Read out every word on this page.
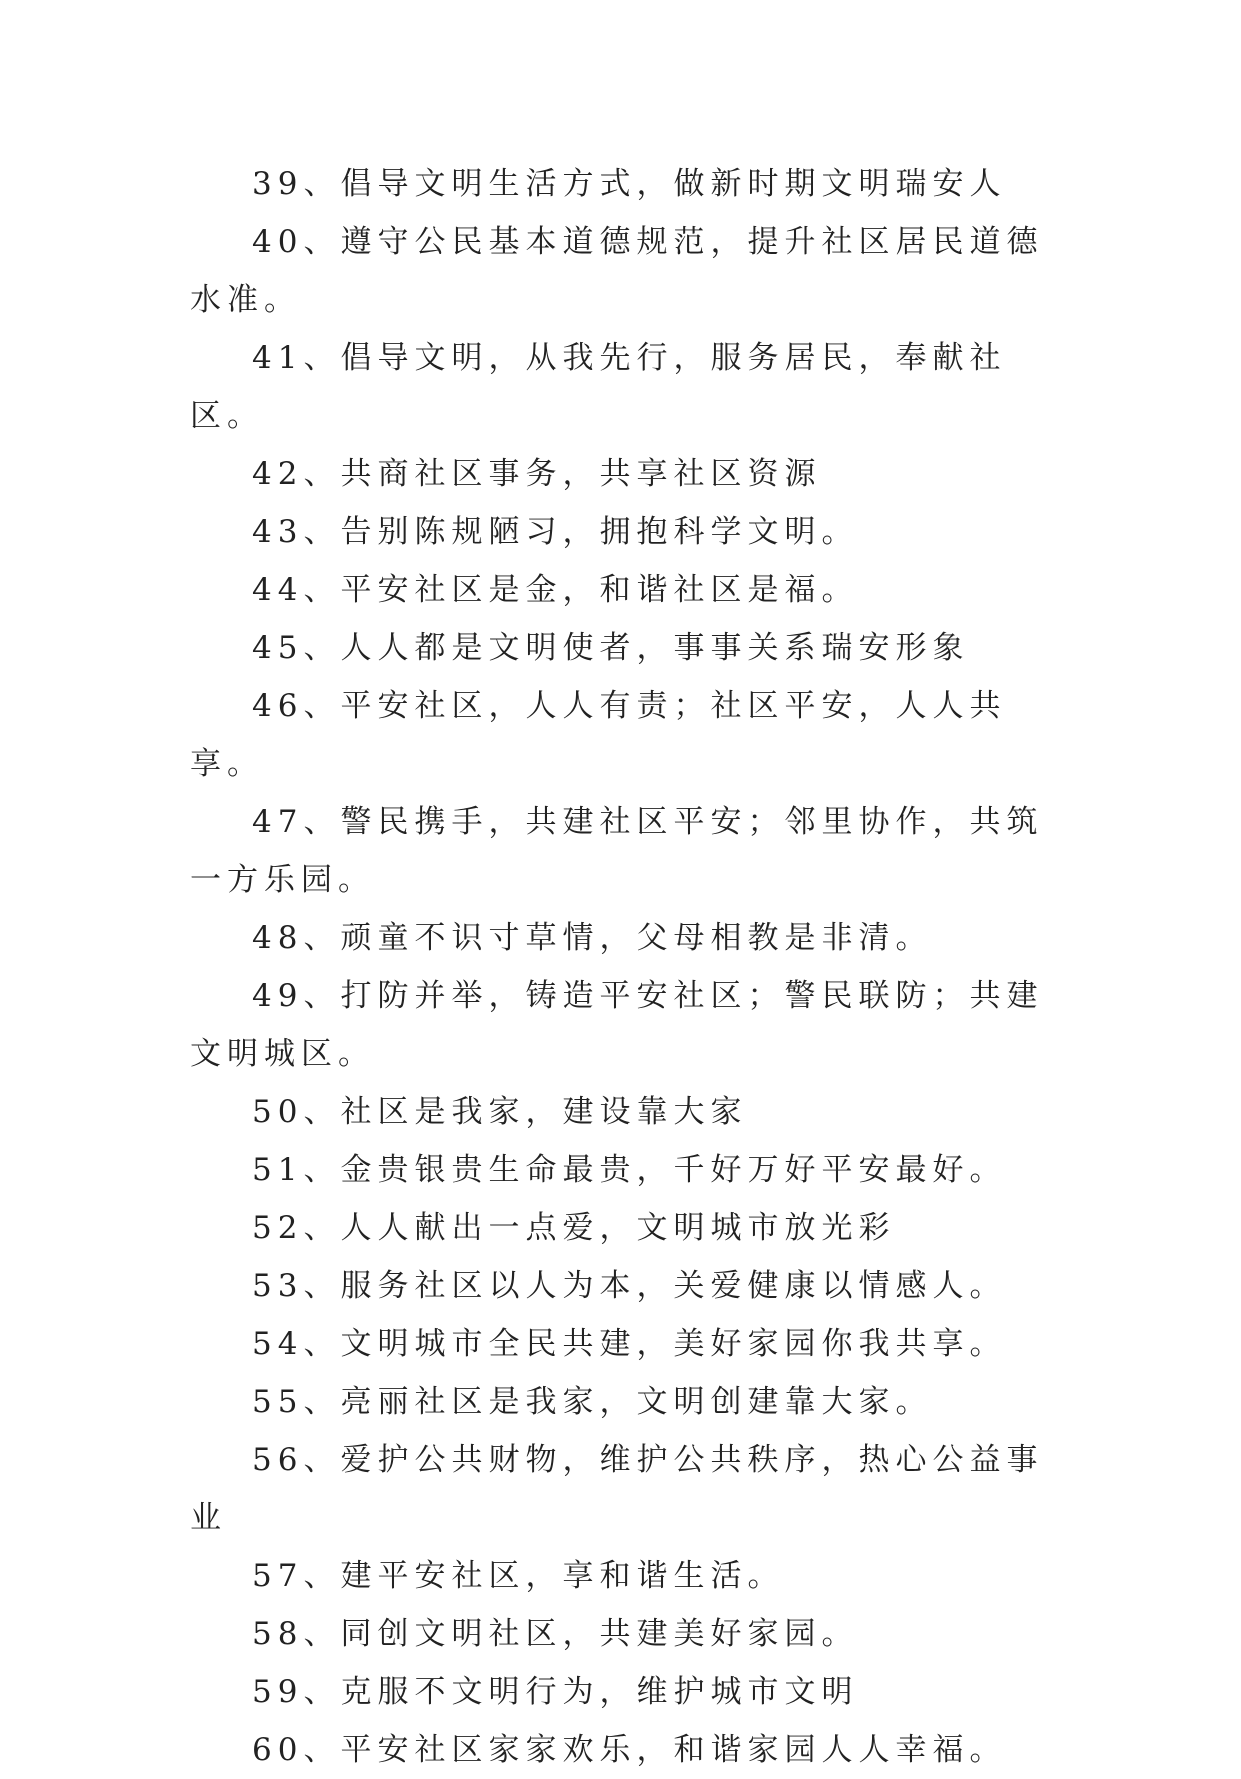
39、倡导文明生活方式，做新时期文明瑞安人

40、遵守公民基本道德规范，提升社区居民道德水准。

41、倡导文明，从我先行，服务居民，奉献社区。

42、共商社区事务，共享社区资源

43、告别陈规陋习，拥抱科学文明。

44、平安社区是金，和谐社区是福。

45、人人都是文明使者，事事关系瑞安形象

46、平安社区，人人有责；社区平安，人人共享。

47、警民携手，共建社区平安；邻里协作，共筑一方乐园。

48、顽童不识寸草情，父母相教是非清。

49、打防并举，铸造平安社区；警民联防；共建文明城区。

50、社区是我家，建设靠大家

51、金贵银贵生命最贵，千好万好平安最好。

52、人人献出一点爱，文明城市放光彩

53、服务社区以人为本，关爱健康以情感人。

54、文明城市全民共建，美好家园你我共享。

55、亮丽社区是我家，文明创建靠大家。

56、爱护公共财物，维护公共秩序，热心公益事业

57、建平安社区，享和谐生活。

58、同创文明社区，共建美好家园。

59、克服不文明行为，维护城市文明

60、平安社区家家欢乐，和谐家园人人幸福。
